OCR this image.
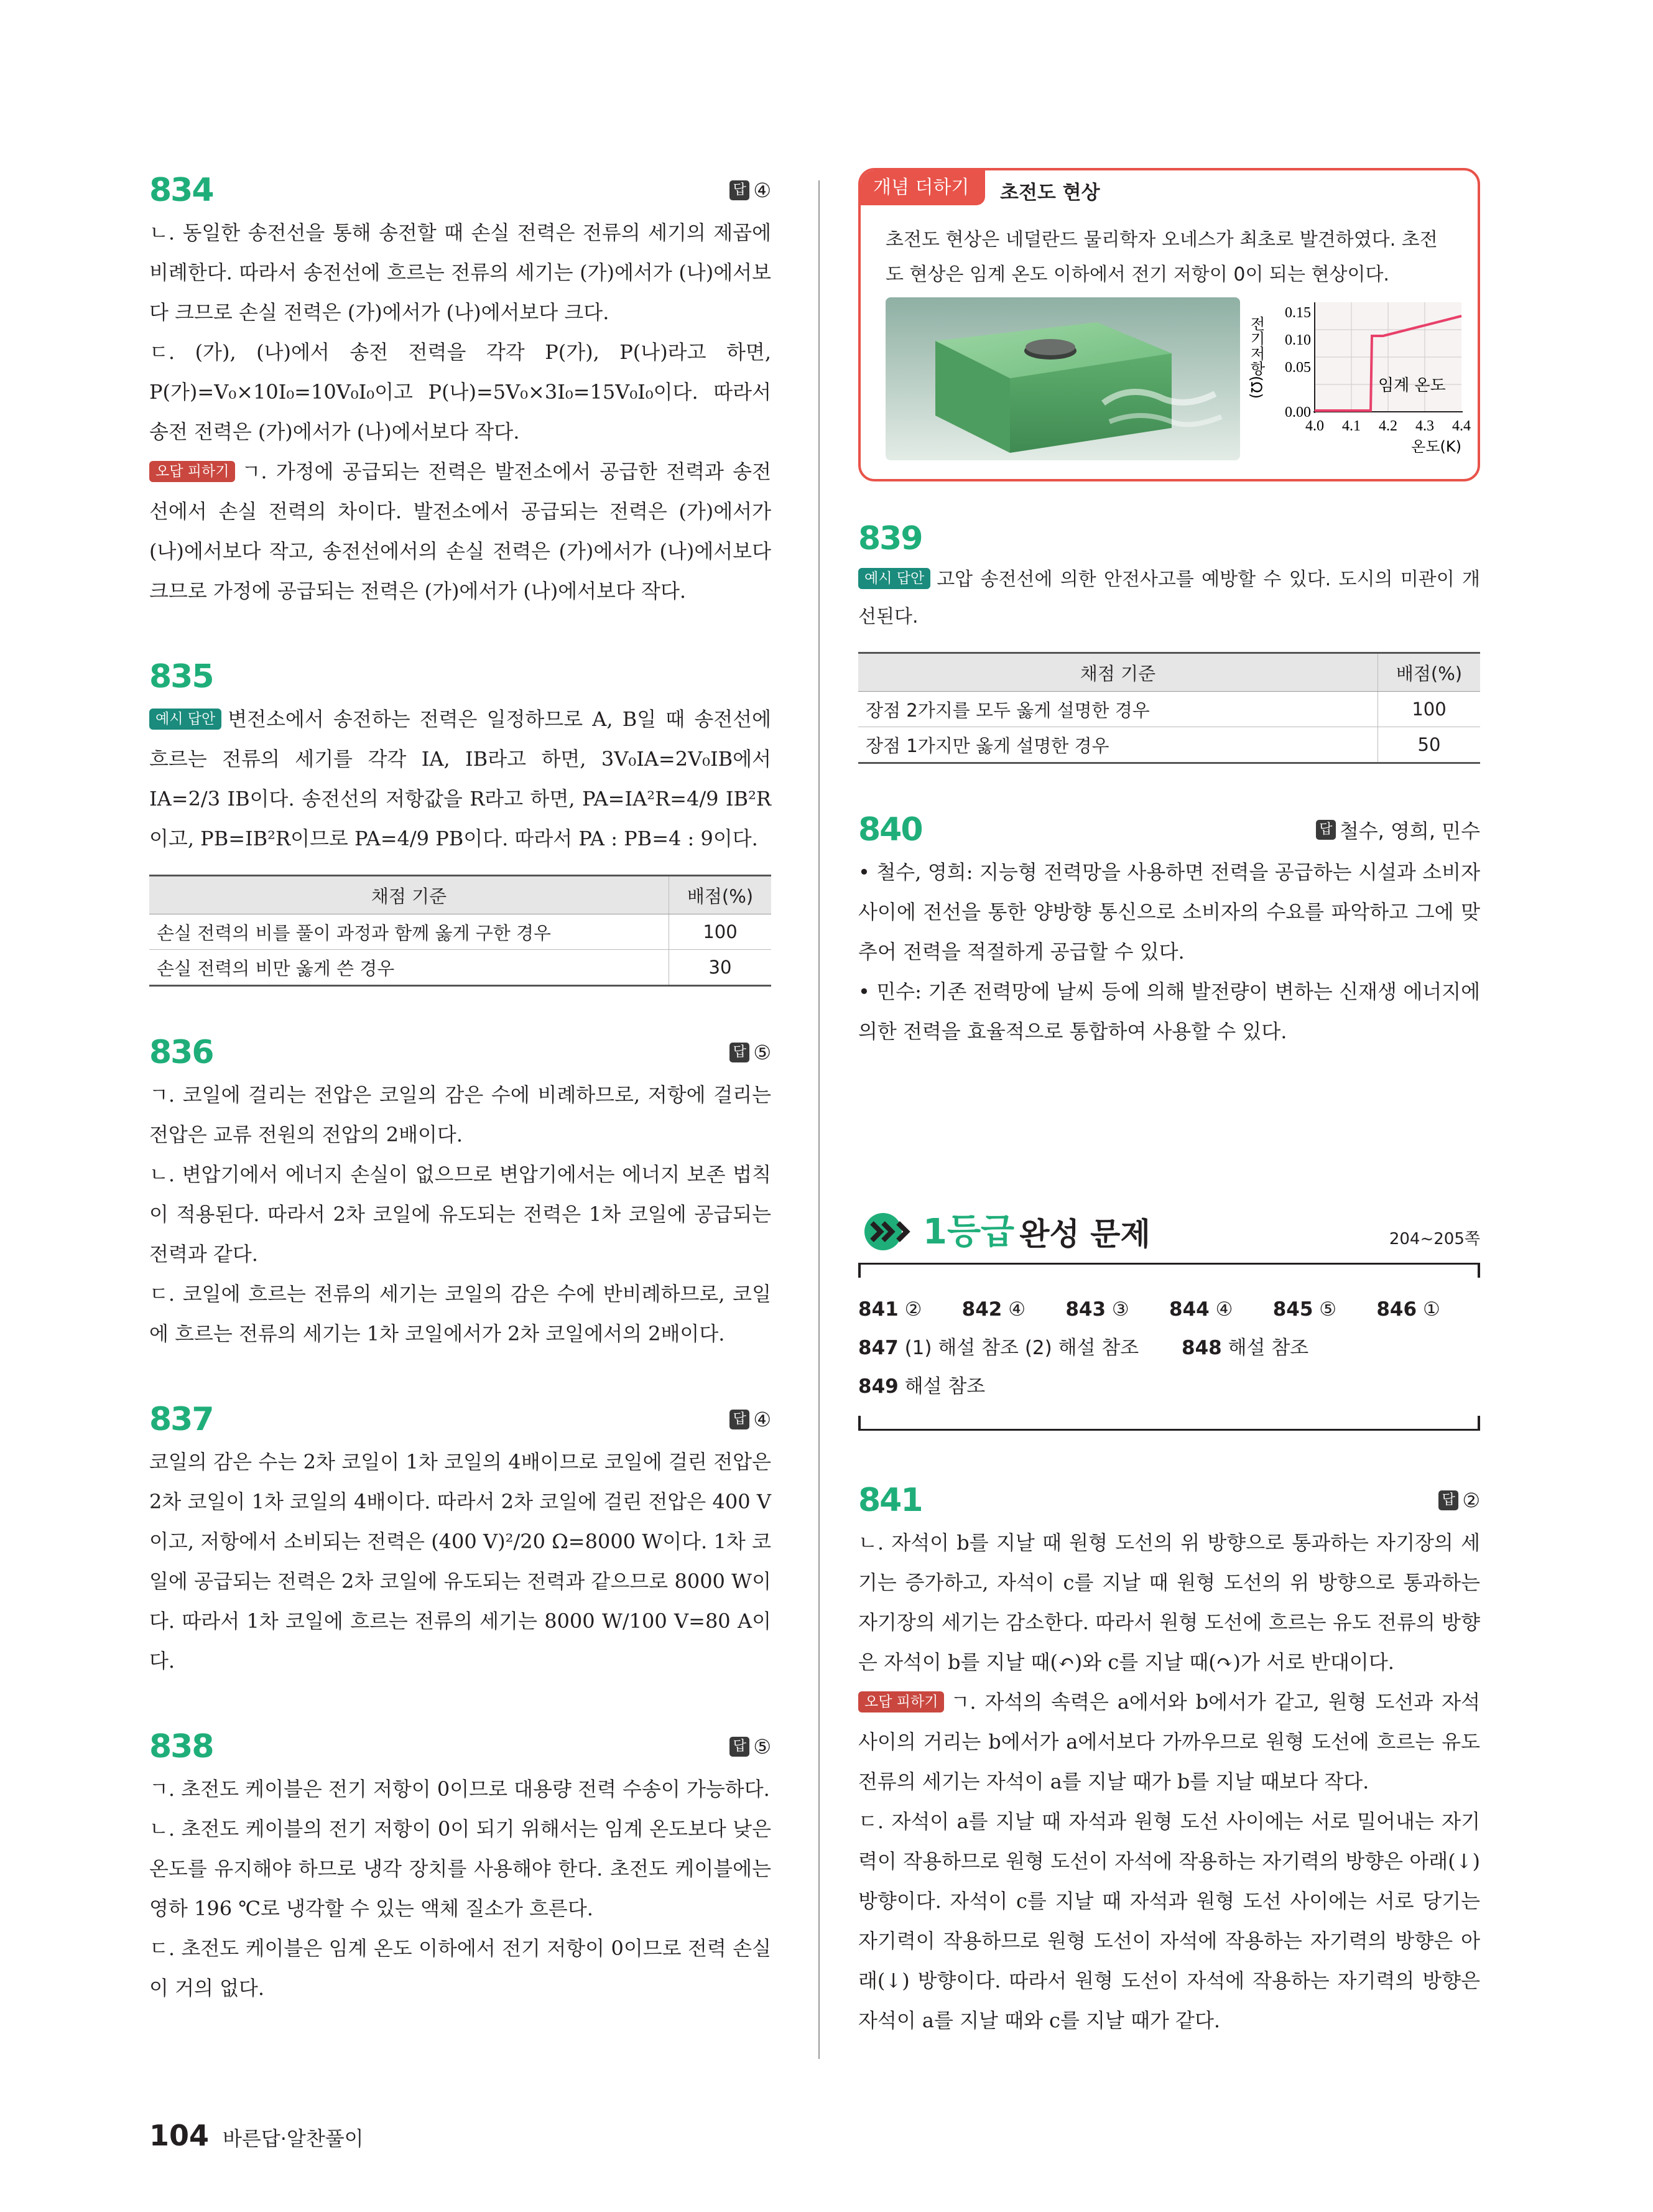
834	답 ④

ㄴ. 동일한 송전선을 통해 송전할 때 손실 전력은 전류의 세기의 제곱에 비례한다. 따라서 송전선에 흐르는 전류의 세기는 (가)에서가 (나)에서보다 크므로 손실 전력은 (가)에서가 (나)에서보다 크다.

ㄷ. (가), (나)에서 송전 전력을 각각 P(가), P(나)라고 하면, P(가)=V₀×10I₀=10V₀I₀이고 P(나)=5V₀×3I₀=15V₀I₀이다. 따라서 송전 전력은 (가)에서가 (나)에서보다 작다.

오답 피하기 ㄱ. 가정에 공급되는 전력은 발전소에서 공급한 전력과 송전선에서 손실 전력의 차이다. 발전소에서 공급되는 전력은 (가)에서가 (나)에서보다 작고, 송전선에서의 손실 전력은 (가)에서가 (나)에서보다 크므로 가정에 공급되는 전력은 (가)에서가 (나)에서보다 작다.

835

예시 답안 변전소에서 송전하는 전력은 일정하므로 A, B일 때 송전선에 흐르는 전류의 세기를 각각 IA, IB라고 하면, 3V₀IA=2V₀IB에서 IA=2/3 IB이다. 송전선의 저항값을 R라고 하면, PA=IA²R=4/9 IB²R이고, PB=IB²R이므로 PA=4/9 PB이다. 따라서 PA : PB=4 : 9이다.

채점 기준	배점(%)
손실 전력의 비를 풀이 과정과 함께 옳게 구한 경우	100
손실 전력의 비만 옳게 쓴 경우	30
836	답 ⑤

ㄱ. 코일에 걸리는 전압은 코일의 감은 수에 비례하므로, 저항에 걸리는 전압은 교류 전원의 전압의 2배이다.

ㄴ. 변압기에서 에너지 손실이 없으므로 변압기에서는 에너지 보존 법칙이 적용된다. 따라서 2차 코일에 유도되는 전력은 1차 코일에 공급되는 전력과 같다.

ㄷ. 코일에 흐르는 전류의 세기는 코일의 감은 수에 반비례하므로, 코일에 흐르는 전류의 세기는 1차 코일에서가 2차 코일에서의 2배이다.

837	답 ④

코일의 감은 수는 2차 코일이 1차 코일의 4배이므로 코일에 걸린 전압은 2차 코일이 1차 코일의 4배이다. 따라서 2차 코일에 걸린 전압은 400 V이고, 저항에서 소비되는 전력은 (400 V)²/20 Ω=8000 W이다. 1차 코일에 공급되는 전력은 2차 코일에 유도되는 전력과 같으므로 8000 W이다. 따라서 1차 코일에 흐르는 전류의 세기는 8000 W/100 V=80 A이다.

838	답 ⑤

ㄱ. 초전도 케이블은 전기 저항이 0이므로 대용량 전력 수송이 가능하다.

ㄴ. 초전도 케이블의 전기 저항이 0이 되기 위해서는 임계 온도보다 낮은 온도를 유지해야 하므로 냉각 장치를 사용해야 한다. 초전도 케이블에는 영하 196 ℃로 냉각할 수 있는 액체 질소가 흐른다.

ㄷ. 초전도 케이블은 임계 온도 이하에서 전기 저항이 0이므로 전력 손실이 거의 없다.

개념 더하기	초전도 현상

초전도 현상은 네덜란드 물리학자 오네스가 최초로 발견하였다. 초전도 현상은 임계 온도 이하에서 전기 저항이 0이 되는 현상이다.

전기저항(Ω)
0.15
0.10
0.05
0.00
4.0 4.1 4.2 4.3 4.4
온도(K)
임계 온도
839

예시 답안 고압 송전선에 의한 안전사고를 예방할 수 있다. 도시의 미관이 개선된다.

채점 기준	배점(%)
장점 2가지를 모두 옳게 설명한 경우	100
장점 1가지만 옳게 설명한 경우	50
840	답 철수, 영희, 민수

• 철수, 영희: 지능형 전력망을 사용하면 전력을 공급하는 시설과 소비자 사이에 전선을 통한 양방향 통신으로 소비자의 수요를 파악하고 그에 맞추어 전력을 적절하게 공급할 수 있다.

• 민수: 기존 전력망에 날씨 등에 의해 발전량이 변하는 신재생 에너지에 의한 전력을 효율적으로 통합하여 사용할 수 있다.

1등급 완성 문제	204~205쪽
841 ②	842 ④	843 ③	844 ④	845 ⑤	846 ①
847 (1) 해설 참조 (2) 해설 참조	848 해설 참조
849 해설 참조
841	답 ②

ㄴ. 자석이 b를 지날 때 원형 도선의 위 방향으로 통과하는 자기장의 세기는 증가하고, 자석이 c를 지날 때 원형 도선의 위 방향으로 통과하는 자기장의 세기는 감소한다. 따라서 원형 도선에 흐르는 유도 전류의 방향은 자석이 b를 지날 때(↶)와 c를 지날 때(↷)가 서로 반대이다.

오답 피하기 ㄱ. 자석의 속력은 a에서와 b에서가 같고, 원형 도선과 자석 사이의 거리는 b에서가 a에서보다 가까우므로 원형 도선에 흐르는 유도 전류의 세기는 자석이 a를 지날 때가 b를 지날 때보다 작다.

ㄷ. 자석이 a를 지날 때 자석과 원형 도선 사이에는 서로 밀어내는 자기력이 작용하므로 원형 도선이 자석에 작용하는 자기력의 방향은 아래(↓) 방향이다. 자석이 c를 지날 때 자석과 원형 도선 사이에는 서로 당기는 자기력이 작용하므로 원형 도선이 자석에 작용하는 자기력의 방향은 아래(↓) 방향이다. 따라서 원형 도선이 자석에 작용하는 자기력의 방향은 자석이 a를 지날 때와 c를 지날 때가 같다.

104 바른답·알찬풀이
